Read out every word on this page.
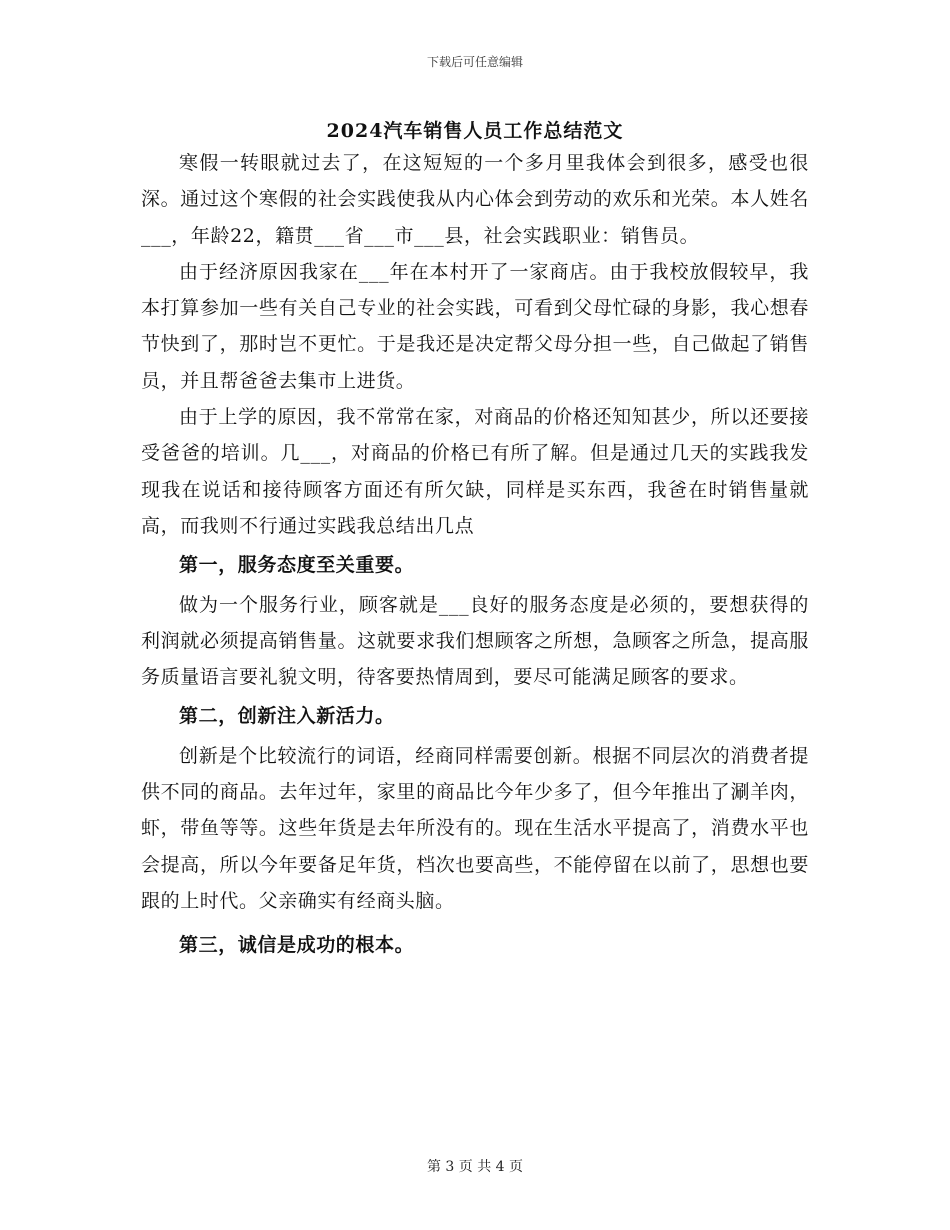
下载后可任意编辑
2024汽车销售人员工作总结范文

寒假一转眼就过去了，在这短短的一个多月里我体会到很多，感受也很深。通过这个寒假的社会实践使我从内心体会到劳动的欢乐和光荣。本人姓名___，年龄22，籍贯___省___市___县，社会实践职业：销售员。

由于经济原因我家在___年在本村开了一家商店。由于我校放假较早，我本打算参加一些有关自己专业的社会实践，可看到父母忙碌的身影，我心想春节快到了，那时岂不更忙。于是我还是决定帮父母分担一些，自己做起了销售员，并且帮爸爸去集市上进货。

由于上学的原因，我不常常在家，对商品的价格还知知甚少，所以还要接受爸爸的培训。几___，对商品的价格已有所了解。但是通过几天的实践我发现我在说话和接待顾客方面还有所欠缺，同样是买东西，我爸在时销售量就高，而我则不行通过实践我总结出几点

第一，服务态度至关重要。

做为一个服务行业，顾客就是___良好的服务态度是必须的，要想获得的利润就必须提高销售量。这就要求我们想顾客之所想，急顾客之所急，提高服务质量语言要礼貌文明，待客要热情周到，要尽可能满足顾客的要求。

第二，创新注入新活力。

创新是个比较流行的词语，经商同样需要创新。根据不同层次的消费者提供不同的商品。去年过年，家里的商品比今年少多了，但今年推出了涮羊肉，虾，带鱼等等。这些年货是去年所没有的。现在生活水平提高了，消费水平也会提高，所以今年要备足年货，档次也要高些，不能停留在以前了，思想也要跟的上时代。父亲确实有经商头脑。

第三，诚信是成功的根本。

第 3 页 共 4 页
